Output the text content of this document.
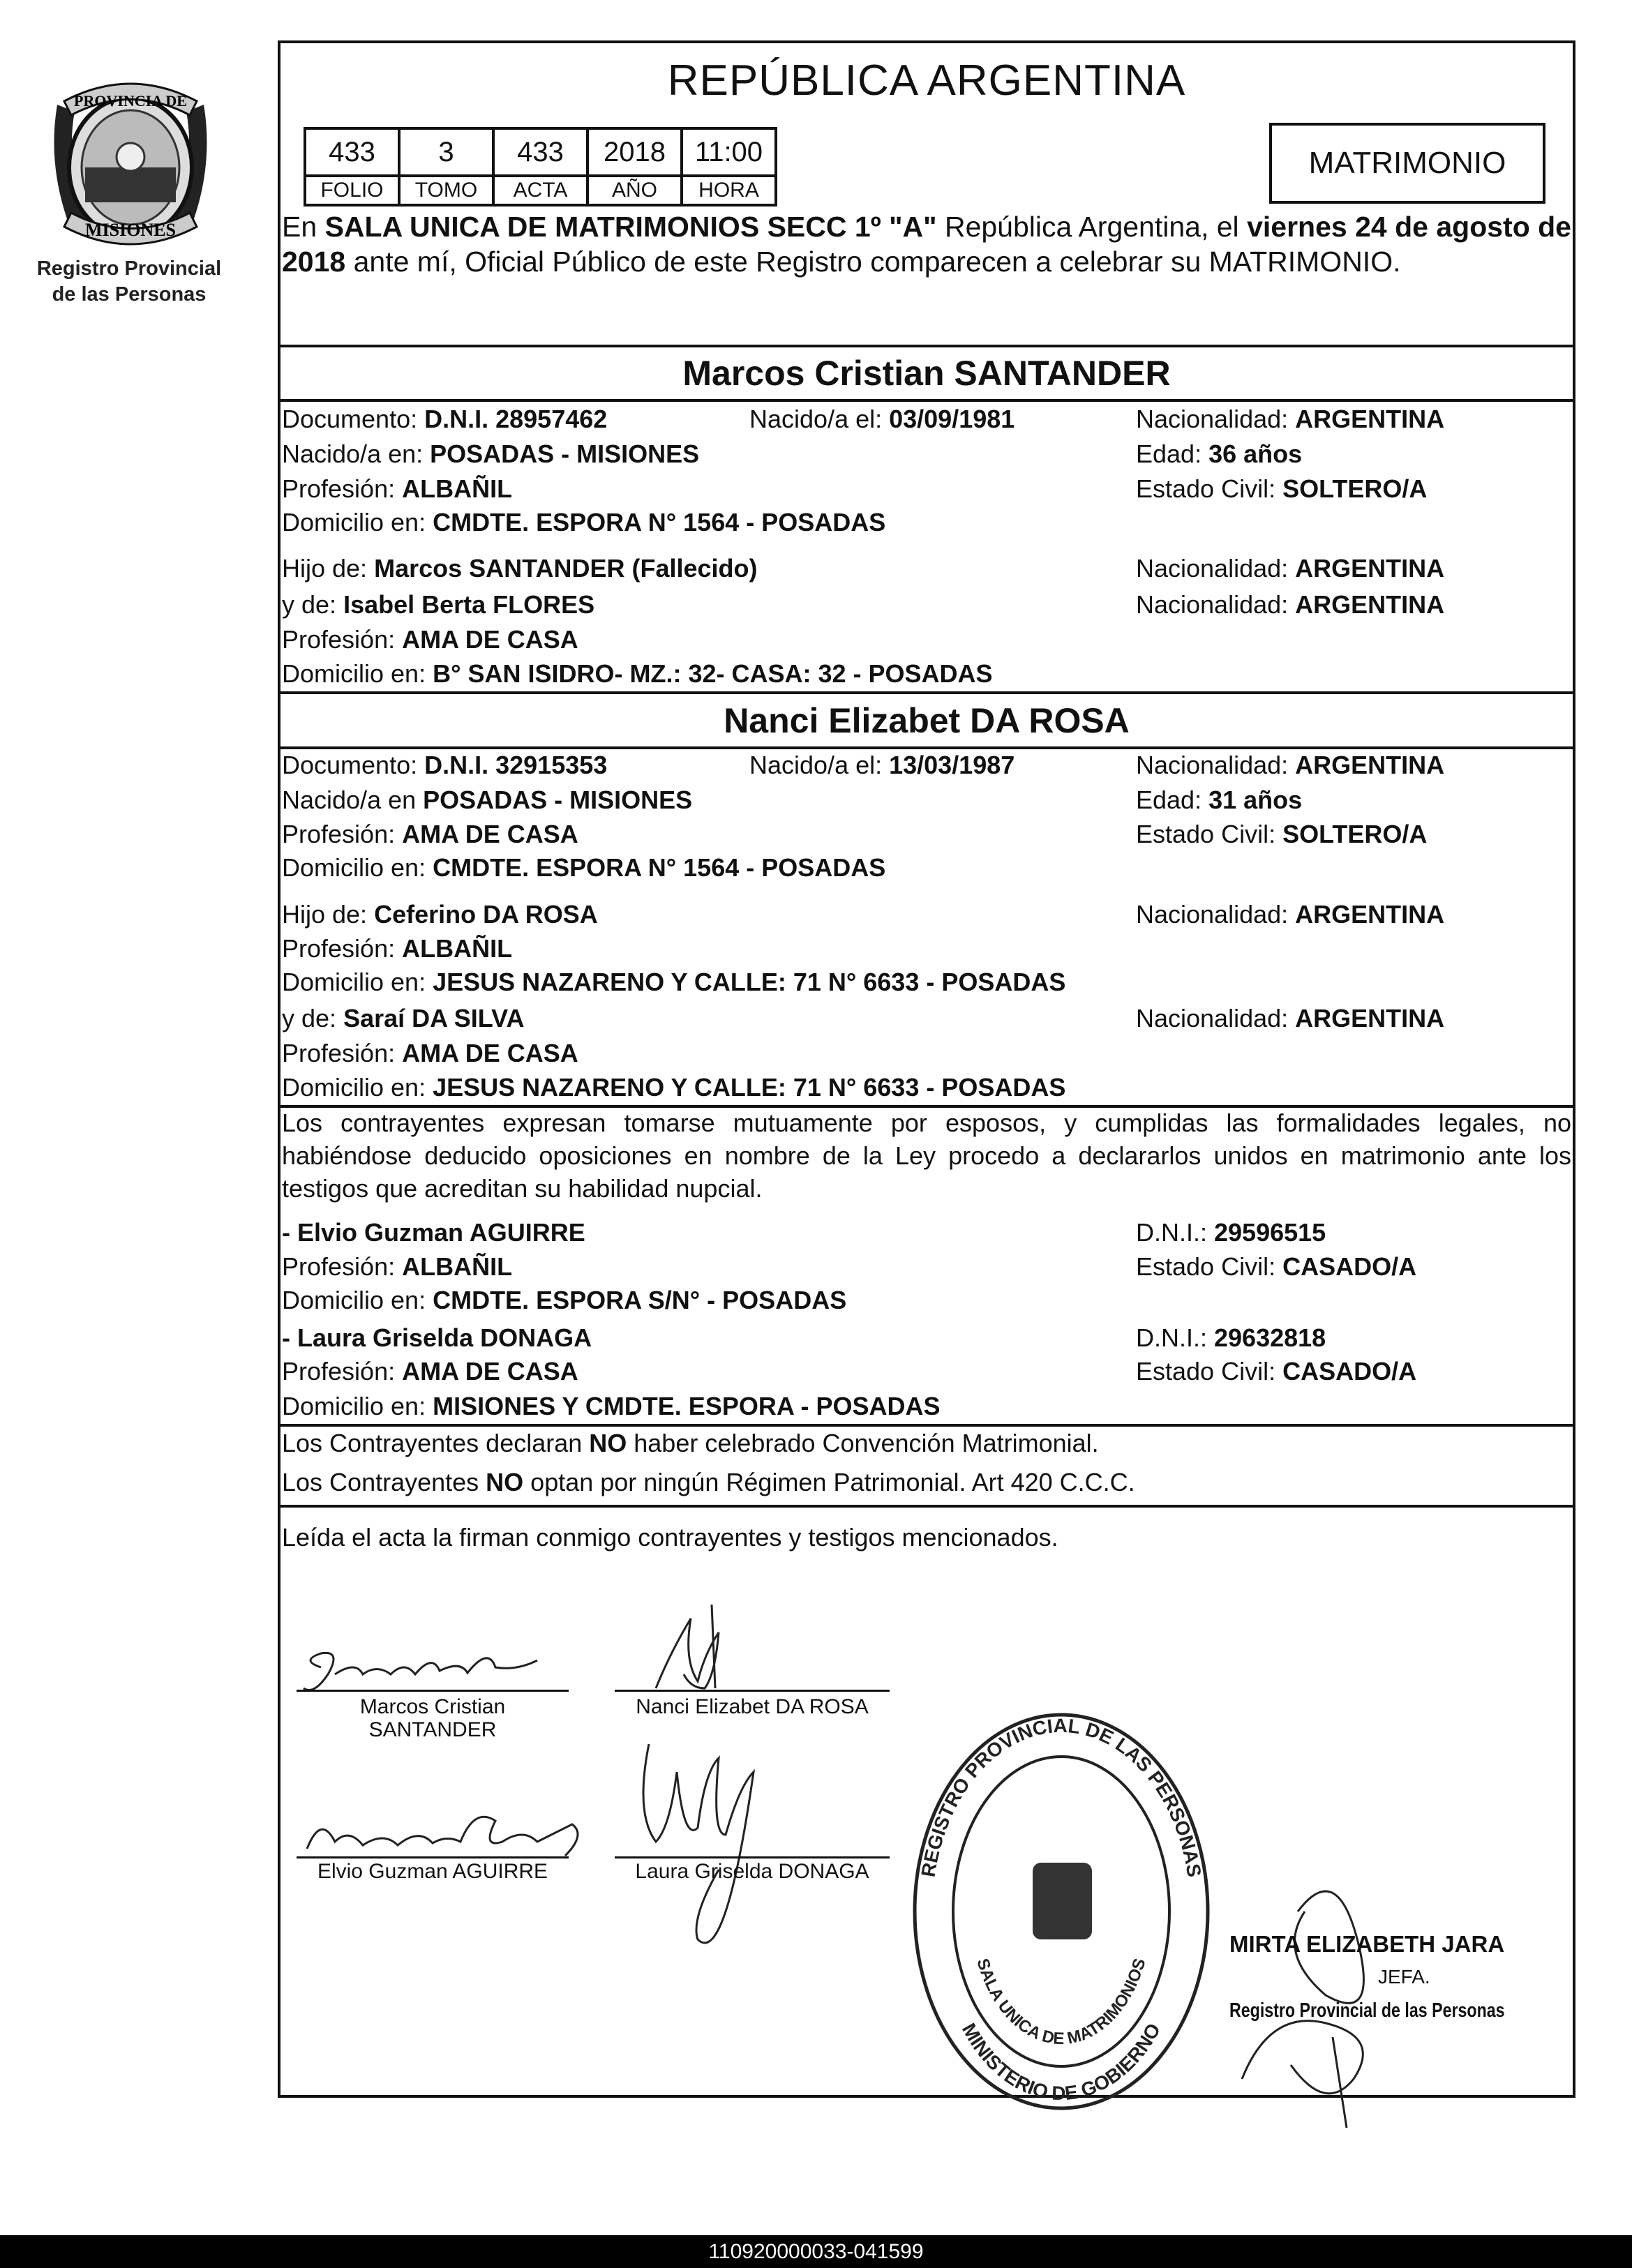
PROVINCIA DE
MISIONES
Registro Provincial
de las Personas
REPÚBLICA ARGENTINA
433	3	433	2018	11:00
FOLIO	TOMO	ACTA	AÑO	HORA
MATRIMONIO
En SALA UNICA DE MATRIMONIOS SECC 1º "A" República Argentina, el viernes 24 de agosto de 2018 ante mí, Oficial Público de este Registro comparecen a celebrar su MATRIMONIO.
Marcos Cristian SANTANDER
Documento: D.N.I. 28957462	Nacido/a el: 03/09/1981	Nacionalidad: ARGENTINA
Nacido/a en: POSADAS - MISIONES	Edad: 36 años
Profesión: ALBAÑIL	Estado Civil: SOLTERO/A
Domicilio en: CMDTE. ESPORA N° 1564 - POSADAS
Hijo de: Marcos SANTANDER (Fallecido)	Nacionalidad: ARGENTINA
y de: Isabel Berta FLORES	Nacionalidad: ARGENTINA
Profesión: AMA DE CASA
Domicilio en: B° SAN ISIDRO- MZ.: 32- CASA: 32 - POSADAS
Nanci Elizabet DA ROSA
Documento: D.N.I. 32915353	Nacido/a el: 13/03/1987	Nacionalidad: ARGENTINA
Nacido/a en POSADAS - MISIONES	Edad: 31 años
Profesión: AMA DE CASA	Estado Civil: SOLTERO/A
Domicilio en: CMDTE. ESPORA N° 1564 - POSADAS
Hijo de: Ceferino DA ROSA	Nacionalidad: ARGENTINA
Profesión: ALBAÑIL
Domicilio en: JESUS NAZARENO Y CALLE: 71 N° 6633 - POSADAS
y de: Saraí DA SILVA	Nacionalidad: ARGENTINA
Profesión: AMA DE CASA
Domicilio en: JESUS NAZARENO Y CALLE: 71 N° 6633 - POSADAS
Los contrayentes expresan tomarse mutuamente por esposos, y cumplidas las formalidades legales, no habiéndose deducido oposiciones en nombre de la Ley procedo a declararlos unidos en matrimonio ante los testigos que acreditan su habilidad nupcial.
- Elvio Guzman AGUIRRE	D.N.I.: 29596515
Profesión: ALBAÑIL	Estado Civil: CASADO/A
Domicilio en: CMDTE. ESPORA S/N° - POSADAS
- Laura Griselda DONAGA	D.N.I.: 29632818
Profesión: AMA DE CASA	Estado Civil: CASADO/A
Domicilio en: MISIONES Y CMDTE. ESPORA - POSADAS
Los Contrayentes declaran NO haber celebrado Convención Matrimonial.
Los Contrayentes NO optan por ningún Régimen Patrimonial. Art 420 C.C.C.
Leída el acta la firman conmigo contrayentes y testigos mencionados.
Marcos Cristian
SANTANDER
Nanci Elizabet DA ROSA
Elvio Guzman AGUIRRE	Laura Griselda DONAGA	REGISTRO PROVINCIAL DE LAS PERSONAS
MINISTERIO DE GOBIERNO
SALA UNICA DE MATRIMONIOS
MIRTA ELIZABETH JARA
JEFA.
Registro Provincial de las Personas
110920000033-041599
